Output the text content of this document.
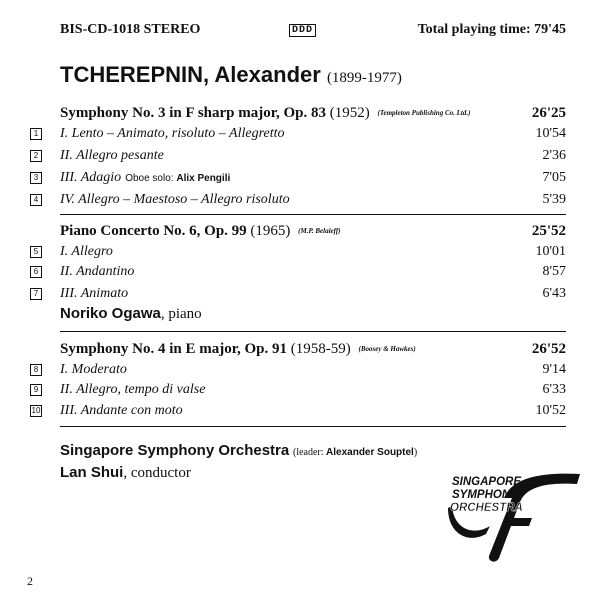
BIS-CD-1018 STEREO	DDD	Total playing time: 79'45
TCHEREPNIN, Alexander (1899-1977)
Symphony No. 3 in F sharp major, Op. 83 (1952) (Templeton Publishing Co. Ltd.)	26'25
1 I. Lento – Animato, risoluto – Allegretto	10'54
2 II. Allegro pesante	2'36
3 III. Adagio Oboe solo: Alix Pengili	7'05
4 IV. Allegro – Maestoso – Allegro risoluto	5'39
Piano Concerto No. 6, Op. 99 (1965) (M.P. Belaieff)	25'52
5 I. Allegro	10'01
6 II. Andantino	8'57
7 III. Animato	6'43
Noriko Ogawa, piano
Symphony No. 4 in E major, Op. 91 (1958-59) (Boosey & Hawkes)	26'52
8 I. Moderato	9'14
9 II. Allegro, tempo di valse	6'33
10 III. Andante con moto	10'52
Singapore Symphony Orchestra (leader: Alexander Souptel)
Lan Shui, conductor
SINGAPORE
SYMPHONY
ORCHESTRA
2
